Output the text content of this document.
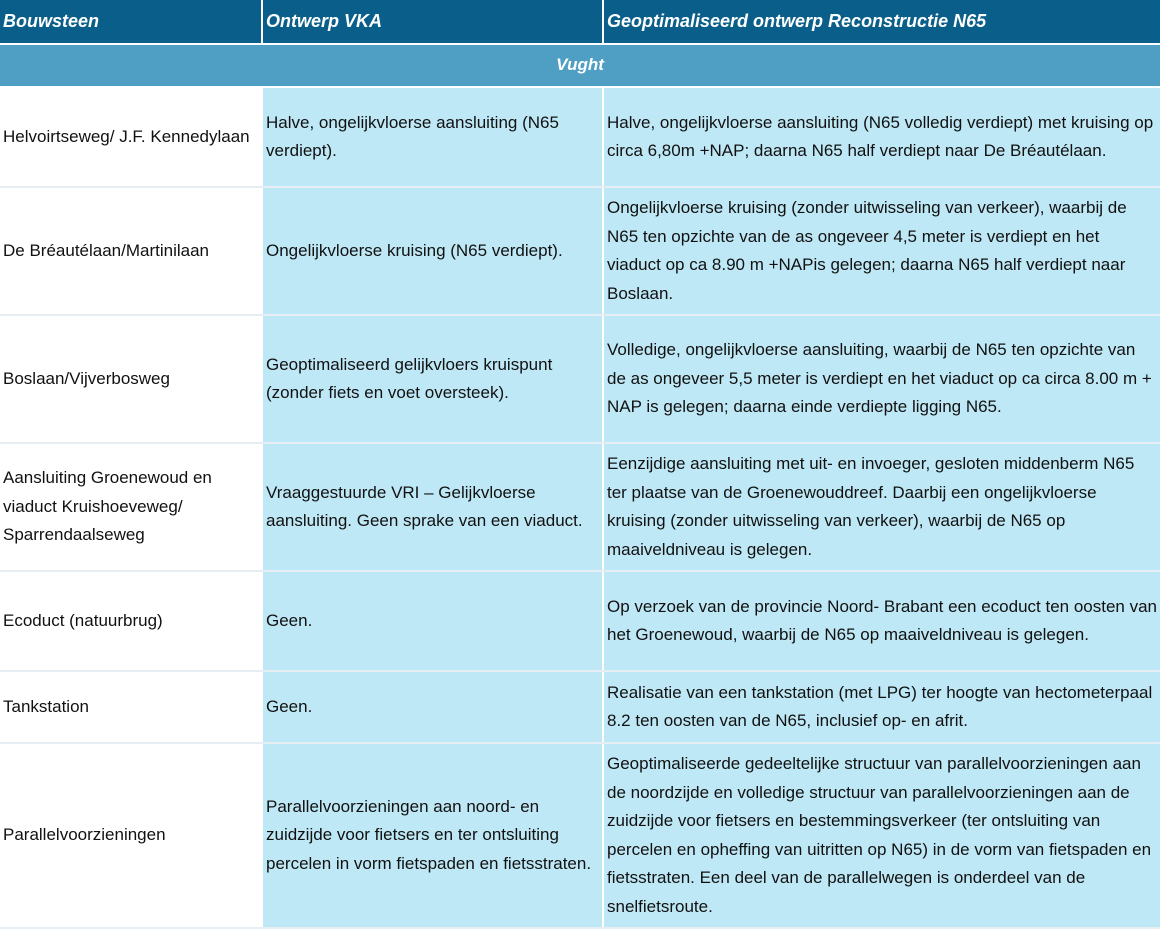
Bouwsteen	Ontwerp VKA	Geoptimaliseerd ontwerp Reconstructie N65
Vught		
Helvoirtseweg/ J.F. Kennedylaan	Halve, ongelijkvloerse aansluiting (N65 verdiept).	Halve, ongelijkvloerse aansluiting (N65 volledig verdiept) met kruising op circa 6,80m +NAP; daarna N65 half verdiept naar De Bréautélaan.
De Bréautélaan/Martinilaan	Ongelijkvloerse kruising (N65 verdiept).	Ongelijkvloerse kruising (zonder uitwisseling van verkeer), waarbij de N65 ten opzichte van de as ongeveer 4,5 meter is verdiept en het viaduct op ca 8.90 m +NAPis gelegen; daarna N65 half verdiept naar Boslaan.
Boslaan/Vijverbosweg	Geoptimaliseerd gelijkvloers kruispunt (zonder fiets en voet oversteek).	Volledige, ongelijkvloerse aansluiting, waarbij de N65 ten opzichte van de as ongeveer 5,5 meter is verdiept en het viaduct op ca circa 8.00 m + NAP is gelegen; daarna einde verdiepte ligging N65.
Aansluiting Groenewoud en viaduct Kruishoeveweg/ Sparrendaalseweg	Vraaggestuurde VRI – Gelijkvloerse aansluiting. Geen sprake van een viaduct.	Eenzijdige aansluiting met uit- en invoeger, gesloten middenberm N65 ter plaatse van de Groenewouddreef. Daarbij een ongelijkvloerse kruising (zonder uitwisseling van verkeer), waarbij de N65 op maaiveldniveau is gelegen.
Ecoduct (natuurbrug)	Geen.	Op verzoek van de provincie Noord- Brabant een ecoduct ten oosten van het Groenewoud, waarbij de N65 op maaiveldniveau is gelegen.
Tankstation	Geen.	Realisatie van een tankstation (met LPG) ter hoogte van hectometerpaal 8.2 ten oosten van de N65, inclusief op- en afrit.
Parallelvoorzieningen	Parallelvoorzieningen aan noord- en zuidzijde voor fietsers en ter ontsluiting percelen in vorm fietspaden en fietsstraten.	Geoptimaliseerde gedeeltelijke structuur van parallelvoorzieningen aan de noordzijde en volledige structuur van parallelvoorzieningen aan de zuidzijde voor fietsers en bestemmingsverkeer (ter ontsluiting van percelen en opheffing van uitritten op N65) in de vorm van fietspaden en fietsstraten. Een deel van de parallelwegen is onderdeel van de snelfietsroute.
